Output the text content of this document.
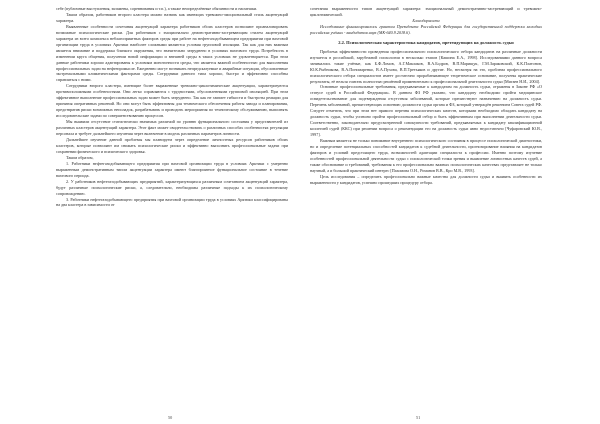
себе (публичные выступления, экзамены, соревнования и т.п.), а также неопределённые обязанности и насмешки.

Таким образом, работников второго кластера можно назвать как имеющих тревожно-эмоциональный стиль акцентуаций характера.

Выявленные особенности сочетания акцентуаций характера работников обоих кластеров позволяют проанализировать возможные психологические риски. Для работников с эмоционально демонстративно-застревающим стилем акцентуаций характера из всего комплекса неблагоприятных факторов среды при работе на нефтегазодобывающем предприятии при вахтовой организации труда в условиях Арктики наиболее сложными являются условия групповой изоляции. Так как для них важным является внимание и поддержка близкого окружения, что значительно затруднено в условиях вахтового труда. Потребность в изменении круга общения, получении новой информации и внешней среды в таких условиях не удовлетворяется. При этом данные работники хорошо адаптированы к условиям монотонности среды, что является важной особенностью для выполнения профессиональных задач на нефтепромысле. Ежедневно могут возникать непредсказуемые и аварийные ситуации, обусловленные экстремальными климатическими факторами среды. Сотрудники данного типа хорошо, быстро и эффективно способны справляться с ними.

Сотрудники второго кластера, имеющие более выраженные тревожно-циклотимические акцентуации, характеризуются противоположными особенностями. Они легко справляются с трудностями, обусловленными групповой изоляцией. При этом эффективное выполнение профессиональных задач может быть затруднено. Так как не хватает гибкости и быстроты реакции для принятия оперативных решений. Но они могут быть эффективны для технического обеспечения работы завода и планирования, предотвратив риски возможных неполадок, разрабатывать и проводить мероприятия по техническому обслуживанию, выполнять исследовательские задачи по совершенствованию процессов.

Мы выявили отсутствие статистически значимых различий по уровню функционального состояния у представителей из различных кластеров акцентуаций характера. Этот факт может свидетельствовать о различных способах особенностях регуляции персонала и требует дальнейшего изучения через включение в модель различных параметров личности.

Дальнейшее изучение данной проблемы мы планируем через определение личностных ресурсов работников обоих кластеров, которые позволяют им снижать психологические риски и эффективно выполнять профессиональные задачи при сохранении физического и психического здоровья.

Таким образом,

1. Работники нефтегазодобывающего предприятия при вахтовой организации труда в условиях Арктики с умеренно выраженным демонстративным типом акцентуации характера имеют благоприятное функциональное состояние в течение вахтового периода.

2. У работников нефтегазодобывающих предприятий, характеризующихся различным сочетанием акцентуаций характера, будут различные психологические риски, а, следовательно, необходимы различные подходы к их психологическому сопровождению.

3. Работники нефтегазодобывающего предприятия при вахтовой организации труда в условиях Арктики классифицированы на два кластера в зависимости от

50

сочетания выраженности типов акцентуаций характера: эмоциональный демонстративно-застревающий и тревожно-циклотимический.

Благодарности

Исследование финансировалось грантом Президента Российской Федерации для государственной поддержки молодых российских учёных - кандидатов наук (МК-640.9.2018.6).

2.2. Психологическая характеристика кандидатов, претендующих на должность судьи

Проблема эффективности проведения профессионального психологического отбора кандидатов на различные должности изучается в российской, зарубежной психологии в несколько этапов [Кашина Е.А., 1998]. Исследованиями данного вопроса занимались такие учёные, как Б.Ф.Ломов, А.Г.Маклаков, В.А.Бодров, В.П.Марищук, Г.М.Зараковский, К.К.Платонов, Ю.К.Рыбникова, В.А.Пономаренко, В.А.Пухова, В.П.Третьяков и другие. Но, несмотря на это, проблема профессионального психологического отбора специалистов имеет достаточно прорабатывающее теоретическое основание, получены практические результаты, её нельзя считать полностью решённой применительно к профессиональной деятельности судьи [Мигаев Н.И., 2004].

Основные профессиональные требования, предъявляемые к кандидатам на должность судьи, отражены в Законе РФ «О статусе судей в Российской Федерации». В данном ФЗ РФ указано, что кандидату необходимо пройти медицинское освидетельствование для подтверждения отсутствия заболеваний, которые препятствуют назначению на должность судьи. Перечень заболеваний, препятствующих освоению должности судьи органа и ФЗ, который утверждён решением Совета судей РФ. Следует отметить, что при этом нет прямого перечня психологических качеств, которыми необходимо обладать кандидату на должность судьи, чтобы успешно пройти профессиональный отбор и быть эффективным при выполнении деятельности судьи. Соответственно, законодательно предусмотренной совокупности требований, предъявляемых к кандидату квалификационной коллегией судей (ККС) при решении вопроса о рекомендации его на должность судьи явно недостаточно [Чуфаровский Ю.В., 1997].

Важным является не только понимание внутреннего психологического состояния в процессе психологической диагностики, но и определение потенциальных способностей кандидатов к судебной деятельности, прогнозирование влияния на кандидатов факторов и условий предстоящего труда, возможностей адаптации специалиста к профессии. Именно поэтому изучение особенностей профессиональной деятельности судьи с психологической точки зрения и выявление личностных качеств судей, а также обоснование и требований, требования к его профессионально важных психологических качествах представляет не только научный, а и большой практический интерес [Пахомова О.Н., Романов В.В., Кро М.В., 1993].

Цель исследования – определить профессионально важные качества для должности судьи и выявить особенности их выраженности у кандидатов, успешно прошедших процедуру отбора.

51
